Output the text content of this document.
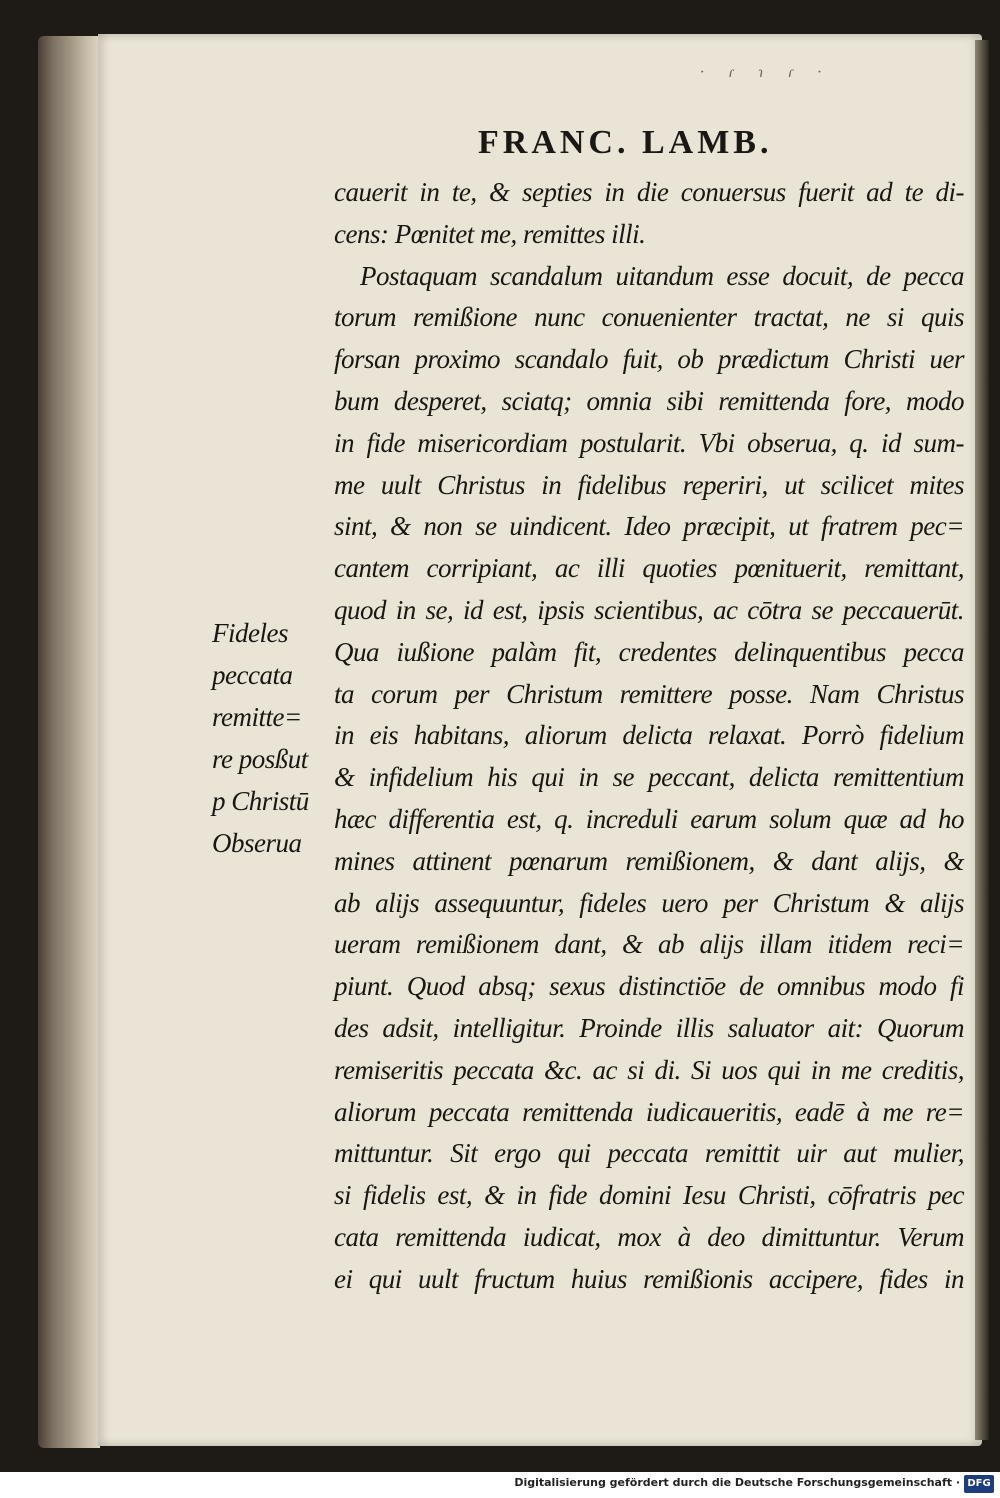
· ɾ ɿ ɾ ·
FRANC. LAMB.
cauerit in te, & septies in die conuersus fuerit ad te di-
cens: Pœnitet me, remittes illi.
Postaquam scandalum uitandum esse docuit, de pecca
torum remißione nunc conuenienter tractat, ne si quis
forsan proximo scandalo fuit, ob prædictum Christi uer
bum desperet, sciatq; omnia sibi remittenda fore, modo
in fide misericordiam postularit. Vbi obserua, q. id sum-
me uult Christus in fidelibus reperiri, ut scilicet mites
sint, & non se uindicent. Ideo præcipit, ut fratrem pec=
cantem corripiant, ac illi quoties pœnituerit, remittant,
quod in se, id est, ipsis scientibus, ac cōtra se peccauerūt.
Qua iußione palàm fit, credentes delinquentibus pecca
ta corum per Christum remittere posse. Nam Christus
in eis habitans, aliorum delicta relaxat. Porrò fidelium
& infidelium his qui in se peccant, delicta remittentium
hæc differentia est, q. increduli earum solum quæ ad ho
mines attinent pœnarum remißionem, & dant alijs, &
ab alijs assequuntur, fideles uero per Christum & alijs
ueram remißionem dant, & ab alijs illam itidem reci=
piunt. Quod absq; sexus distinctiōe de omnibus modo fi
des adsit, intelligitur. Proinde illis saluator ait: Quorum
remiseritis peccata &c. ac si di. Si uos qui in me creditis,
aliorum peccata remittenda iudicaueritis, eadē à me re=
mittuntur. Sit ergo qui peccata remittit uir aut mulier,
si fidelis est, & in fide domini Iesu Christi, cōfratris pec
cata remittenda iudicat, mox à deo dimittuntur. Verum
ei qui uult fructum huius remißionis accipere, fides in
Fideles
peccata
remitte=
re posßut
p Christū
Obserua
Digitalisierung gefördert durch die Deutsche Forschungsgemeinschaft · DFG
